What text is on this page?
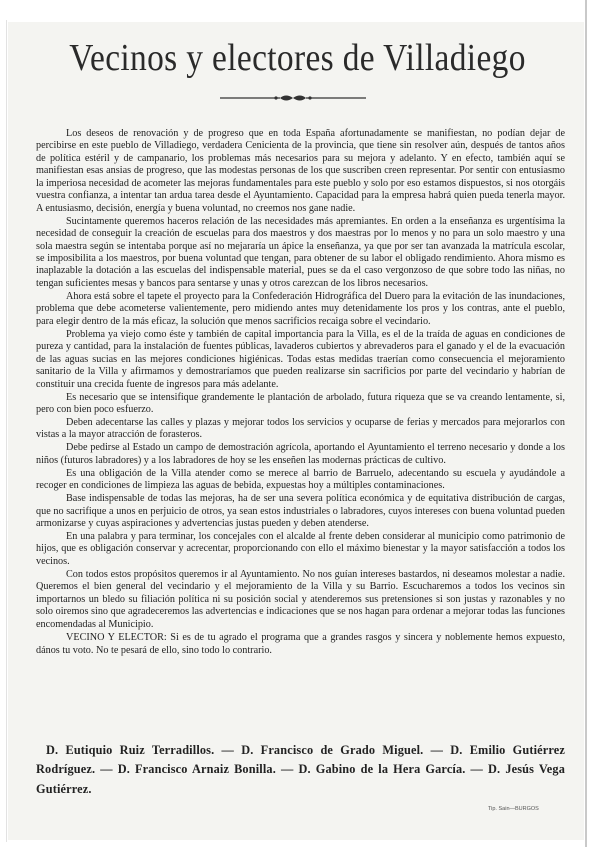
Vecinos y electores de Villadiego

Los deseos de renovación y de progreso que en toda España afortunadamente se manifiestan, no podían dejar de percibirse en este pueblo de Villadiego, verdadera Cenicienta de la provincia, que tiene sin resolver aún, después de tantos años de política estéril y de campanario, los problemas más necesarios para su mejora y adelanto. Y en efecto, también aquí se manifiestan esas ansias de progreso, que las modestas personas de los que suscriben creen representar. Por sentir con entusiasmo la imperiosa necesidad de acometer las mejoras fundamentales para este pueblo y solo por eso estamos dispuestos, si nos otorgáis vuestra confianza, a intentar tan ardua tarea desde el Ayuntamiento. Capacidad para la empresa habrá quien pueda tenerla mayor. A entusiasmo, decisión, energía y buena voluntad, no creemos nos gane nadie.

Sucintamente queremos haceros relación de las necesidades más apremiantes. En orden a la enseñanza es urgentísima la necesidad de conseguir la creación de escuelas para dos maestros y dos maestras por lo menos y no para un solo maestro y una sola maestra según se intentaba porque así no mejararía un ápice la enseñanza, ya que por ser tan avanzada la matrícula escolar, se imposibilita a los maestros, por buena voluntad que tengan, para obtener de su labor el obligado rendimiento. Ahora mismo es inaplazable la dotación a las escuelas del indispensable material, pues se da el caso vergonzoso de que sobre todo las niñas, no tengan suficientes mesas y bancos para sentarse y unas y otros carezcan de los libros necesarios.

Ahora está sobre el tapete el proyecto para la Confederación Hidrográfica del Duero para la evitación de las inundaciones, problema que debe acometerse valientemente, pero midiendo antes muy detenidamente los pros y los contras, ante el pueblo, para elegir dentro de la más eficaz, la solución que menos sacrificios recaiga sobre el vecindario.

Problema ya viejo como éste y también de capital importancia para la Villa, es el de la traída de aguas en condiciones de pureza y cantidad, para la instalación de fuentes públicas, lavaderos cubiertos y abrevaderos para el ganado y el de la evacuación de las aguas sucias en las mejores condiciones higiénicas. Todas estas medidas traerían como consecuencia el mejoramiento sanitario de la Villa y afirmamos y demostraríamos que pueden realizarse sin sacrificios por parte del vecindario y habrían de constituir una crecida fuente de ingresos para más adelante.

Es necesario que se intensifique grandemente le plantación de arbolado, futura riqueza que se va creando lentamente, si, pero con bien poco esfuerzo.

Deben adecentarse las calles y plazas y mejorar todos los servicios y ocuparse de ferias y mercados para mejorarlos con vistas a la mayor atracción de forasteros.

Debe pedirse al Estado un campo de demostración agrícola, aportando el Ayuntamiento el terreno necesario y donde a los niños (futuros labradores) y a los labradores de hoy se les enseñen las modernas prácticas de cultivo.

Es una obligación de la Villa atender como se merece al barrio de Barruelo, adecentando su escuela y ayudándole a recoger en condiciones de limpieza las aguas de bebida, expuestas hoy a múltiples contaminaciones.

Base indispensable de todas las mejoras, ha de ser una severa política económica y de equitativa distribución de cargas, que no sacrifique a unos en perjuicio de otros, ya sean estos industriales o labradores, cuyos intereses con buena voluntad pueden armonizarse y cuyas aspiraciones y advertencias justas pueden y deben atenderse.

En una palabra y para terminar, los concejales con el alcalde al frente deben considerar al municipio como patrimonio de hijos, que es obligación conservar y acrecentar, proporcionando con ello el máximo bienestar y la mayor satisfacción a todos los vecinos.

Con todos estos propósitos queremos ir al Ayuntamiento. No nos guían intereses bastardos, ni deseamos molestar a nadie. Queremos el bien general del vecindario y el mejoramiento de la Villa y su Barrio. Escucharemos a todos los vecinos sin importarnos un bledo su filiación política ni su posición social y atenderemos sus pretensiones si son justas y razonables y no solo oiremos sino que agradeceremos las advertencias e indicaciones que se nos hagan para ordenar a mejorar todas las funciones encomendadas al Municipio.

VECINO Y ELECTOR: Si es de tu agrado el programa que a grandes rasgos y sincera y noblemente hemos expuesto, dános tu voto. No te pesará de ello, sino todo lo contrario.

D. Eutiquio Ruiz Terradillos. — D. Francisco de Grado Miguel. — D. Emilio Gutiérrez Rodríguez. — D. Francisco Arnaiz Bonilla. — D. Gabino de la Hera García. — D. Jesús Vega Gutiérrez.

Tip. Sain—BURGOS
